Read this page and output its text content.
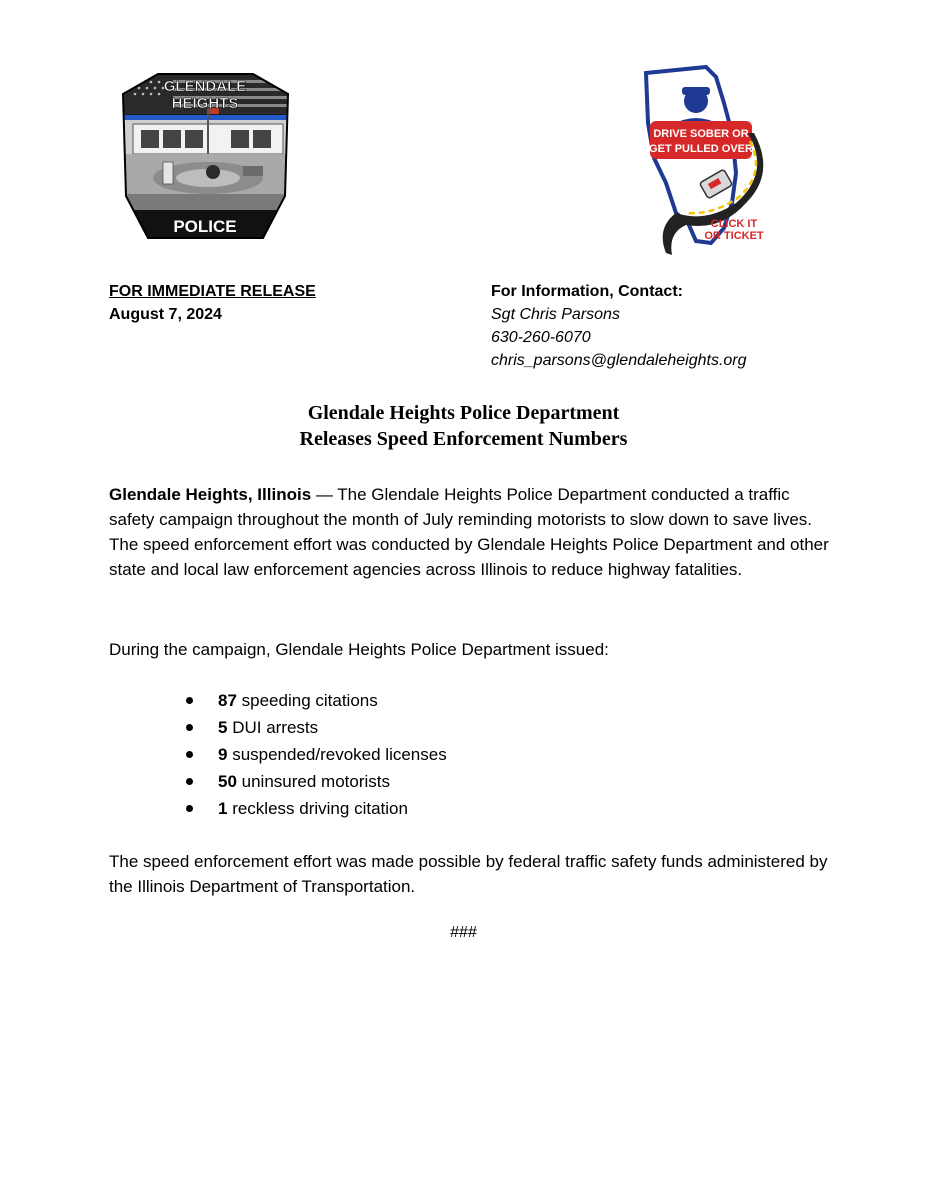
GLENDALE
HEIGHTS
POLICE
DRIVE SOBER OR
GET PULLED OVER
CLICK IT
OR TICKET
FOR IMMEDIATE RELEASE
August 7, 2024
For Information, Contact:
Sgt Chris Parsons
630-260-6070
chris_parsons@glendaleheights.org
Glendale Heights Police Department
Releases Speed Enforcement Numbers
Glendale Heights, Illinois — The Glendale Heights Police Department conducted a traffic safety campaign throughout the month of July reminding motorists to slow down to save lives. The speed enforcement effort was conducted by Glendale Heights Police Department and other state and local law enforcement agencies across Illinois to reduce highway fatalities.
During the campaign, Glendale Heights Police Department issued:
87 speeding citations
5 DUI arrests
9 suspended/revoked licenses
50 uninsured motorists
1 reckless driving citation
The speed enforcement effort was made possible by federal traffic safety funds administered by the Illinois Department of Transportation.
###
